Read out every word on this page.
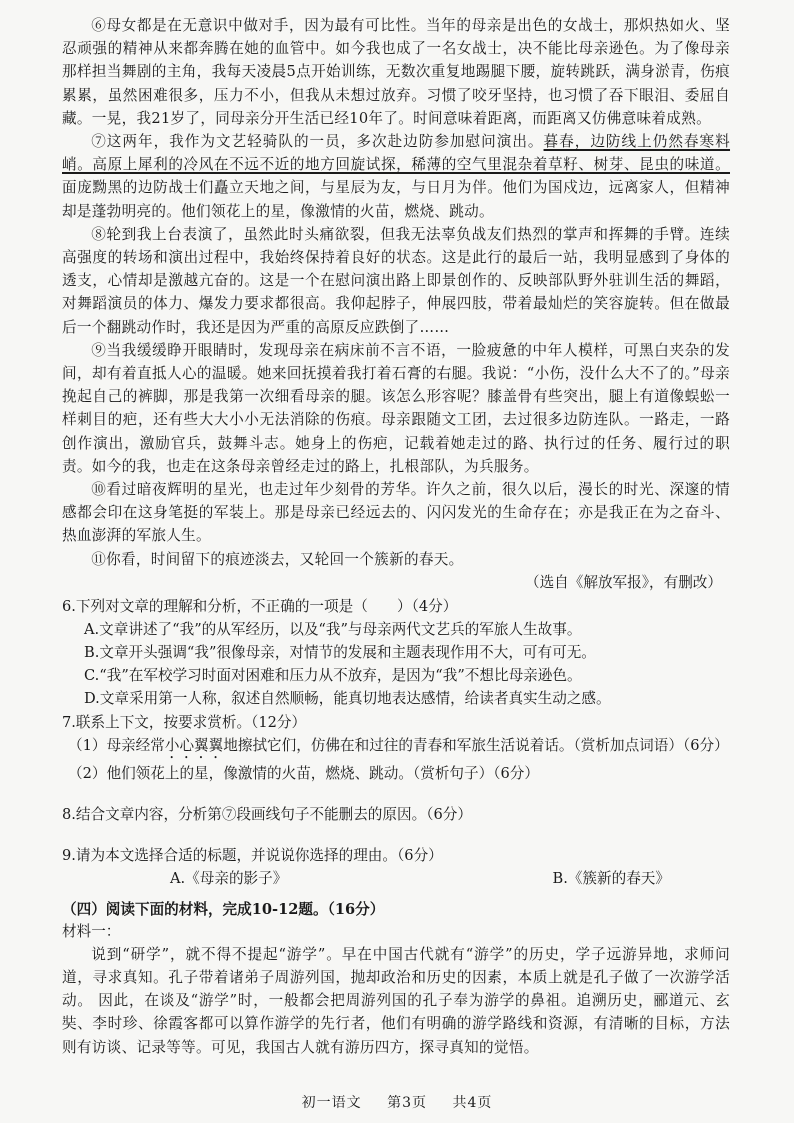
⑥母女都是在无意识中做对手，因为最有可比性。当年的母亲是出色的女战士，那炽热如火、坚忍顽强的精神从来都奔腾在她的血管中。如今我也成了一名女战士，决不能比母亲逊色。为了像母亲那样担当舞剧的主角，我每天凌晨5点开始训练，无数次重复地踢腿下腰，旋转跳跃，满身淤青，伤痕累累，虽然困难很多，压力不小，但我从未想过放弃。习惯了咬牙坚持，也习惯了吞下眼泪、委屈自藏。一晃，我21岁了，同母亲分开生活已经10年了。时间意味着距离，而距离又仿佛意味着成熟。

⑦这两年，我作为文艺轻骑队的一员，多次赴边防参加慰问演出。暮春，边防线上仍然春寒料峭。高原上犀利的冷风在不远不近的地方回旋试探，稀薄的空气里混杂着草籽、树芽、昆虫的味道。面庞黝黑的边防战士们矗立天地之间，与星辰为友，与日月为伴。他们为国戍边，远离家人，但精神却是蓬勃明亮的。他们领花上的星，像激情的火苗，燃烧、跳动。

⑧轮到我上台表演了，虽然此时头痛欲裂，但我无法辜负战友们热烈的掌声和挥舞的手臂。连续高强度的转场和演出过程中，我始终保持着良好的状态。这是此行的最后一站，我明显感到了身体的透支，心情却是激越亢奋的。这是一个在慰问演出路上即景创作的、反映部队野外驻训生活的舞蹈，对舞蹈演员的体力、爆发力要求都很高。我仰起脖子，伸展四肢，带着最灿烂的笑容旋转。但在做最后一个翻跳动作时，我还是因为严重的高原反应跌倒了……

⑨当我缓缓睁开眼睛时，发现母亲在病床前不言不语，一脸疲惫的中年人模样，可黑白夹杂的发间，却有着直抵人心的温暖。她来回抚摸着我打着石膏的右腿。我说：“小伤，没什么大不了的。”母亲挽起自己的裤脚，那是我第一次细看母亲的腿。该怎么形容呢？膝盖骨有些突出，腿上有道像蜈蚣一样刺目的疤，还有些大大小小无法消除的伤痕。母亲跟随文工团，去过很多边防连队。一路走，一路创作演出，激励官兵，鼓舞斗志。她身上的伤疤，记载着她走过的路、执行过的任务、履行过的职责。如今的我，也走在这条母亲曾经走过的路上，扎根部队，为兵服务。

⑩看过暗夜辉明的星光，也走过年少刻骨的芳华。许久之前，很久以后，漫长的时光、深邃的情感都会印在这身笔挺的军装上。那是母亲已经远去的、闪闪发光的生命存在；亦是我正在为之奋斗、热血澎湃的军旅人生。

⑪你看，时间留下的痕迹淡去，又轮回一个簇新的春天。

（选自《解放军报》，有删改）

6.下列对文章的理解和分析，不正确的一项是（　　）（4分）

A.文章讲述了“我”的从军经历，以及“我”与母亲两代文艺兵的军旅人生故事。

B.文章开头强调“我”很像母亲，对情节的发展和主题表现作用不大，可有可无。

C.“我”在军校学习时面对困难和压力从不放弃，是因为“我”不想比母亲逊色。

D.文章采用第一人称，叙述自然顺畅，能真切地表达感情，给读者真实生动之感。

7.联系上下文，按要求赏析。（12分）

（1）母亲经常小心翼翼地擦拭它们，仿佛在和过往的青春和军旅生活说着话。（赏析加点词语）（6分）

（2）他们领花上的星，像激情的火苗，燃烧、跳动。（赏析句子）（6分）

8.结合文章内容，分析第⑦段画线句子不能删去的原因。（6分）

9.请为本文选择合适的标题，并说说你选择的理由。（6分）

A.《母亲的影子》	B.《簇新的春天》

（四）阅读下面的材料，完成10-12题。（16分）

材料一：

说到“研学”，就不得不提起“游学”。早在中国古代就有“游学”的历史，学子远游异地，求师问道，寻求真知。孔子带着诸弟子周游列国，抛却政治和历史的因素，本质上就是孔子做了一次游学活动。 因此，在谈及“游学”时，一般都会把周游列国的孔子奉为游学的鼻祖。追溯历史，郦道元、玄奘、李时珍、徐霞客都可以算作游学的先行者，他们有明确的游学路线和资源，有清晰的目标，方法则有访谈、记录等等。可见，我国古人就有游历四方，探寻真知的觉悟。

初一语文 第3页 共4页
